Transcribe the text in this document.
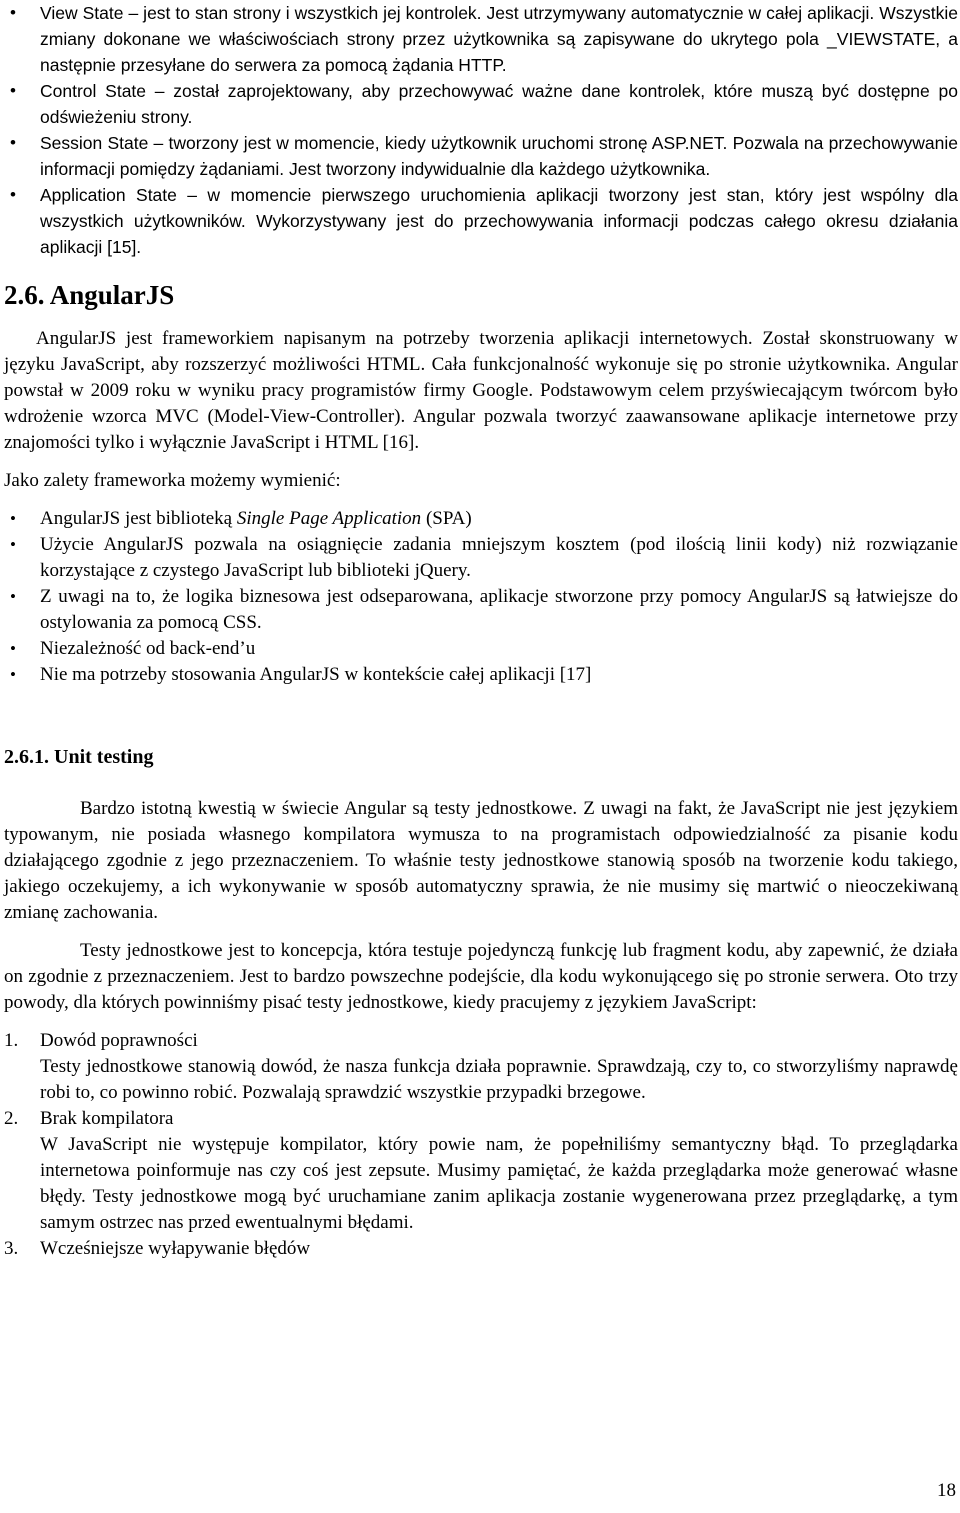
• View State – jest to stan strony i wszystkich jej kontrolek. Jest utrzymywany automatycznie w całej aplikacji. Wszystkie zmiany dokonane we właściwościach strony przez użytkownika są zapisywane do ukrytego pola _VIEWSTATE, a następnie przesyłane do serwera za pomocą żądania HTTP.
• Control State – został zaprojektowany, aby przechowywać ważne dane kontrolek, które muszą być dostępne po odświeżeniu strony.
• Session State – tworzony jest w momencie, kiedy użytkownik uruchomi stronę ASP.NET. Pozwala na przechowywanie informacji pomiędzy żądaniami. Jest tworzony indywidualnie dla każdego użytkownika.
• Application State – w momencie pierwszego uruchomienia aplikacji tworzony jest stan, który jest wspólny dla wszystkich użytkowników. Wykorzystywany jest do przechowywania informacji podczas całego okresu działania aplikacji [15].
2.6. AngularJS

AngularJS jest frameworkiem napisanym na potrzeby tworzenia aplikacji internetowych. Został skonstruowany w języku JavaScript, aby rozszerzyć możliwości HTML. Cała funkcjonalność wykonuje się po stronie użytkownika. Angular powstał w 2009 roku w wyniku pracy programistów firmy Google. Podstawowym celem przyświecającym twórcom było wdrożenie wzorca MVC (Model-View-Controller). Angular pozwala tworzyć zaawansowane aplikacje internetowe przy znajomości tylko i wyłącznie JavaScript i HTML [16].

Jako zalety frameworka możemy wymienić:

• AngularJS jest biblioteką Single Page Application (SPA)
• Użycie AngularJS pozwala na osiągnięcie zadania mniejszym kosztem (pod ilością linii kody) niż rozwiązanie korzystające z czystego JavaScript lub biblioteki jQuery.
• Z uwagi na to, że logika biznesowa jest odseparowana, aplikacje stworzone przy pomocy AngularJS są łatwiejsze do ostylowania za pomocą CSS.
• Niezależność od back-end’u
• Nie ma potrzeby stosowania AngularJS w kontekście całej aplikacji [17]
2.6.1. Unit testing

Bardzo istotną kwestią w świecie Angular są testy jednostkowe. Z uwagi na fakt, że JavaScript nie jest językiem typowanym, nie posiada własnego kompilatora wymusza to na programistach odpowiedzialność za pisanie kodu działającego zgodnie z jego przeznaczeniem. To właśnie testy jednostkowe stanowią sposób na tworzenie kodu takiego, jakiego oczekujemy, a ich wykonywanie w sposób automatyczny sprawia, że nie musimy się martwić o nieoczekiwaną zmianę zachowania.

Testy jednostkowe jest to koncepcja, która testuje pojedynczą funkcję lub fragment kodu, aby zapewnić, że działa on zgodnie z przeznaczeniem. Jest to bardzo powszechne podejście, dla kodu wykonującego się po stronie serwera. Oto trzy powody, dla których powinniśmy pisać testy jednostkowe, kiedy pracujemy z językiem JavaScript:

1. Dowód poprawności
Testy jednostkowe stanowią dowód, że nasza funkcja działa poprawnie. Sprawdzają, czy to, co stworzyliśmy naprawdę robi to, co powinno robić. Pozwalają sprawdzić wszystkie przypadki brzegowe.
2. Brak kompilatora
W JavaScript nie występuje kompilator, który powie nam, że popełniliśmy semantyczny błąd. To przeglądarka internetowa poinformuje nas czy coś jest zepsute. Musimy pamiętać, że każda przeglądarka może generować własne błędy. Testy jednostkowe mogą być uruchamiane zanim aplikacja zostanie wygenerowana przez przeglądarkę, a tym samym ostrzec nas przed ewentualnymi błędami.
3. Wcześniejsze wyłapywanie błędów
18
